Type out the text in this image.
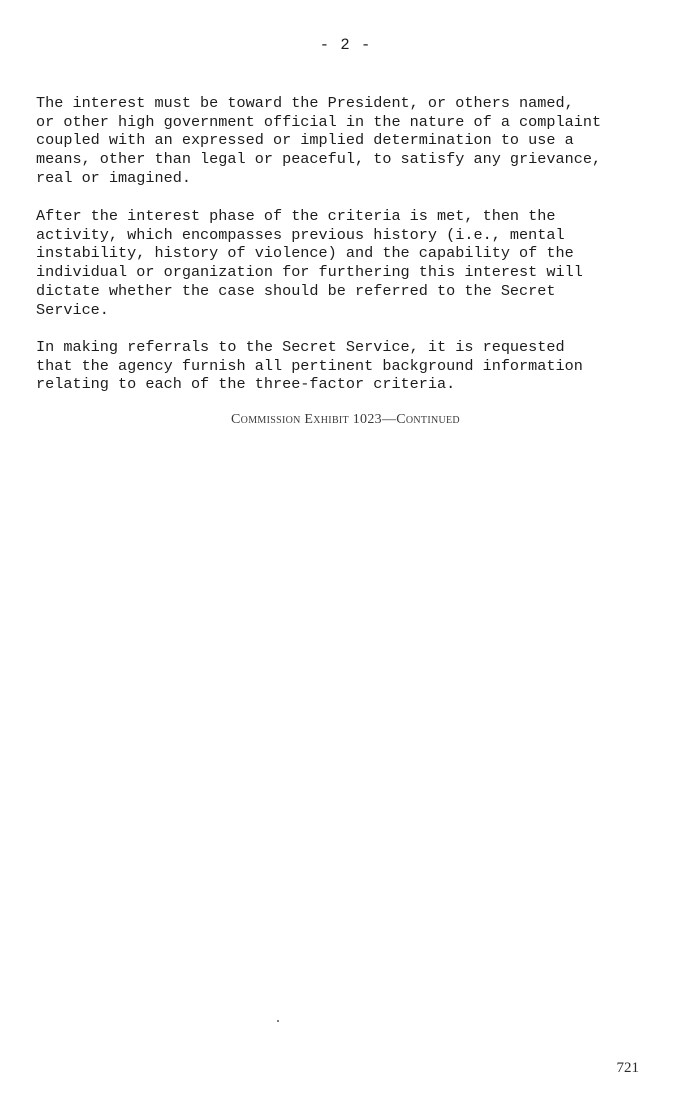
- 2 -

The interest must be toward the President, or others named,
or other high government official in the nature of a complaint
coupled with an expressed or implied determination to use a
means, other than legal or peaceful, to satisfy any grievance,
real or imagined.

After the interest phase of the criteria is met, then the
activity, which encompasses previous history (i.e., mental
instability, history of violence) and the capability of the
individual or organization for furthering this interest will
dictate whether the case should be referred to the Secret
Service.

In making referrals to the Secret Service, it is requested
that the agency furnish all pertinent background information
relating to each of the three-factor criteria.

Commission Exhibit 1023—Continued
721
